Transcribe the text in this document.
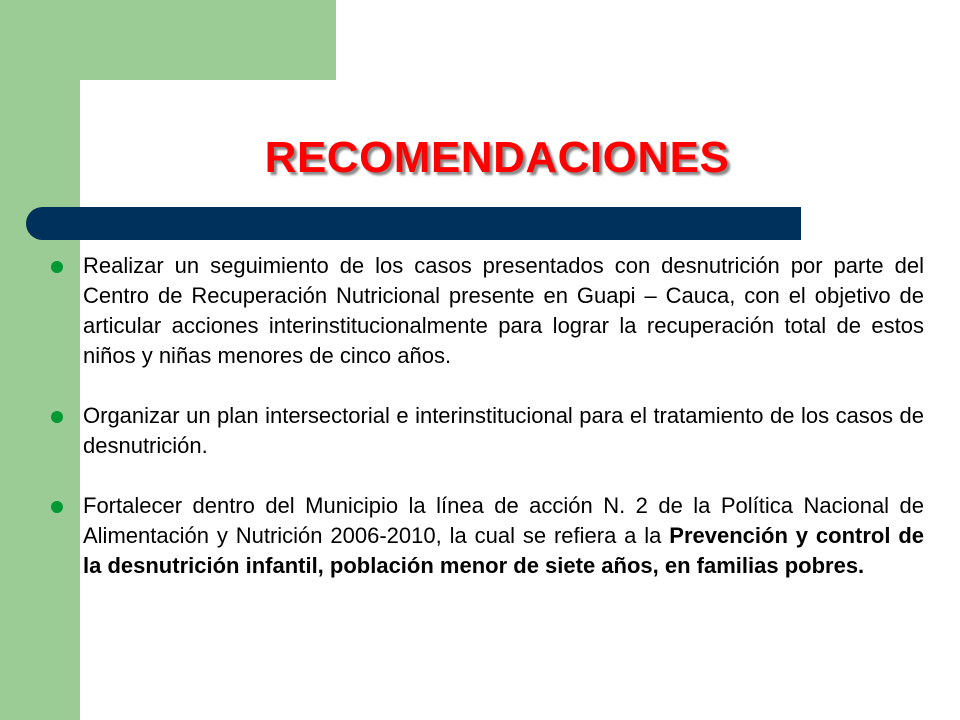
RECOMENDACIONES
Realizar un seguimiento de los casos presentados con desnutrición por parte del Centro de Recuperación Nutricional presente en Guapi – Cauca, con el objetivo de articular acciones interinstitucionalmente para lograr la recuperación total de estos niños y niñas menores de cinco años.
Organizar un plan intersectorial e interinstitucional para el tratamiento de los casos de desnutrición.
Fortalecer dentro del Municipio la línea de acción N. 2 de la Política Nacional de Alimentación y Nutrición 2006-2010, la cual se refiera a la Prevención y control de la desnutrición infantil, población menor de siete años, en familias pobres.
